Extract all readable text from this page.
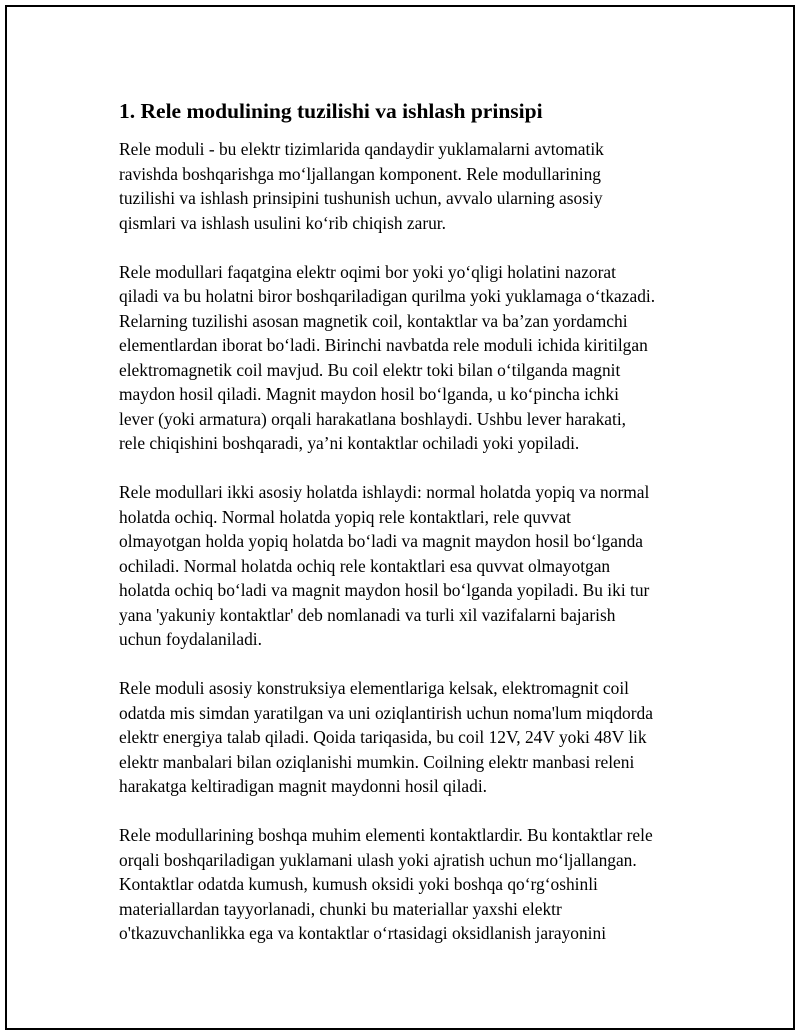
1. Rele modulining tuzilishi va ishlash prinsipi

Rele moduli - bu elektr tizimlarida qandaydir yuklamalarni avtomatik
ravishda boshqarishga mo‘ljallangan komponent. Rele modullarining
tuzilishi va ishlash prinsipini tushunish uchun, avvalo ularning asosiy
qismlari va ishlash usulini ko‘rib chiqish zarur.

Rele modullari faqatgina elektr oqimi bor yoki yo‘qligi holatini nazorat
qiladi va bu holatni biror boshqariladigan qurilma yoki yuklamaga o‘tkazadi.
Relarning tuzilishi asosan magnetik coil, kontaktlar va ba’zan yordamchi
elementlardan iborat bo‘ladi. Birinchi navbatda rele moduli ichida kiritilgan
elektromagnetik coil mavjud. Bu coil elektr toki bilan o‘tilganda magnit
maydon hosil qiladi. Magnit maydon hosil bo‘lganda, u ko‘pincha ichki
lever (yoki armatura) orqali harakatlana boshlaydi. Ushbu lever harakati,
rele chiqishini boshqaradi, ya’ni kontaktlar ochiladi yoki yopiladi.

Rele modullari ikki asosiy holatda ishlaydi: normal holatda yopiq va normal
holatda ochiq. Normal holatda yopiq rele kontaktlari, rele quvvat
olmayotgan holda yopiq holatda bo‘ladi va magnit maydon hosil bo‘lganda
ochiladi. Normal holatda ochiq rele kontaktlari esa quvvat olmayotgan
holatda ochiq bo‘ladi va magnit maydon hosil bo‘lganda yopiladi. Bu iki tur
yana 'yakuniy kontaktlar' deb nomlanadi va turli xil vazifalarni bajarish
uchun foydalaniladi.

Rele moduli asosiy konstruksiya elementlariga kelsak, elektromagnit coil
odatda mis simdan yaratilgan va uni oziqlantirish uchun noma'lum miqdorda
elektr energiya talab qiladi. Qoida tariqasida, bu coil 12V, 24V yoki 48V lik
elektr manbalari bilan oziqlanishi mumkin. Coilning elektr manbasi releni
harakatga keltiradigan magnit maydonni hosil qiladi.

Rele modullarining boshqa muhim elementi kontaktlardir. Bu kontaktlar rele
orqali boshqariladigan yuklamani ulash yoki ajratish uchun mo‘ljallangan.
Kontaktlar odatda kumush, kumush oksidi yoki boshqa qo‘rg‘oshinli
materiallardan tayyorlanadi, chunki bu materiallar yaxshi elektr
o'tkazuvchanlikka ega va kontaktlar o‘rtasidagi oksidlanish jarayonini
